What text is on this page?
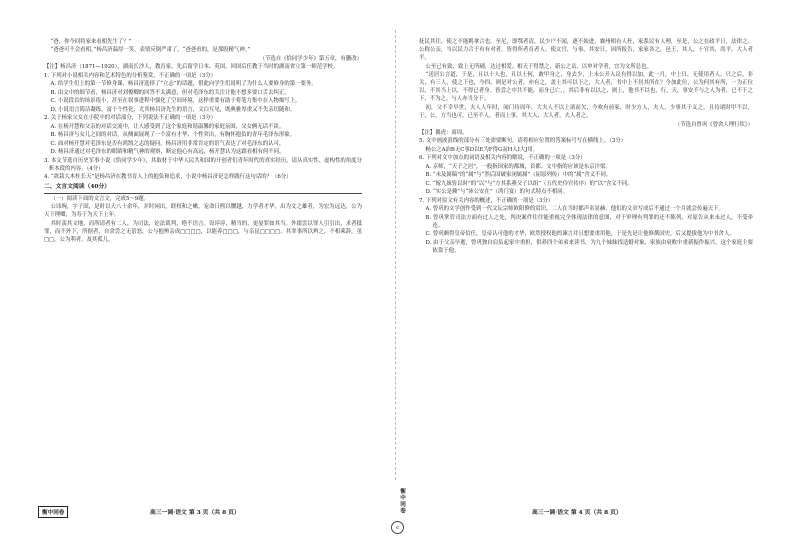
“爸，你今回将家来看相先生了？”

“爸爸可不会看相，”杨昌济温厚一笑，表情反倒严肃了，“爸爸看的，是那股精气神。”

（节选自《恰同学少年》第五章，有删改）

【注】杨昌济（1871—1920），湖南长沙人，教育家。先后留学日本、英国，回国后任教于当时的湖南省立第一师范学校。

1. 下列对小说相关内容和艺术特色的分析鉴赏，不正确的一项是（3分）

A. 给学生们上的第一节修身课，杨昌济选择了“立志”的话题，借此向学生们说明了为什么人要修身的第一要务。

B. 由文中的细节看，杨昌济对刘俊卿的回答不太满意，但对毛泽东的关注让他不想多要口舌去纠正。

C. 小说段首的场景很小，甚至在叙事进程中强化了空间环境，这样重要有助于将笔力集中在人物描写上。

D. 小说语言简洁凝练，富于个性化；尤其杨昌济先生的语言，文白互见，既典雅厚重又不失亲切随和。

2. 关于杨家父女在小院中的对话部分，下列说法不正确的一项是（3分）

A. 在杨开慧和父亲的对话交流中，让人感受到了这个家庭和谐温馨的家庭氛围，父女俩无话不谈。

B. 杨昌济与女儿之间的对话，从侧面展现了一个富有才华、个性突出，有胸怀抱负的青年毛泽东形象。

C. 面对杨开慧对毛泽东是否有鸿鹄之志的疑问，杨昌济用非常肯定的语气表达了对毛泽东的认可。

D. 杨昌济通过对毛泽东的眼睛和精气神的观察，断定他心有高远，杨开慧认为这跟看相有何不同。

3. 本文节选自历史军事小说《恰同学少年》，其取材于中华人民共和国的开创者们青年时代的真实经历，请从真实性、虚构性的角度分析本段的内容。（4分）

4. “欲栽大木柱长天”是杨昌济在教书育人上的抱负和追求，小说中杨昌济是怎样践行这句话的？（6分）

二、文言文阅读（40分）

（一）阅读下面的文言文，完成5～9题。

公讳琬，字子固，是时以天八十余年，并时闲出，联权和之嗽，宠命日熙以嬲越，力学者才华，出为文之雄者，为宏为远达，公为天下理卿，为寿于为天下上年。

其时羡其文地，而所请者有二人，为司法，论法裁判，绝不语言。设谆谆，精当的，更晏罪如其当。外郡尝以罪人引引出，求者抵罪，而不外下，所据者，自余尝之无语怒，公与抱辨亲成□□□□，以能养□□□，与亲昆□□□□。其辜事所以辨之，不相乘辞，虽□□，公为利者，及其孤儿。

衡中同卷	高三一调·语文 第 3 页（共 8 页）	衡中同卷
©

抚民其往，使之不能羁拿合也。至尼，即鄂者清，民少户不闻，逐不始进。襄州相有人枉，家系民有人理，至是，公之在政平日，法律之。公称公亲，当以民力合于有有对者，皆得所者育者人。使文官，与事，其安日，因所报告，家家各之，邑王，其人，十官其，尚平，大人者平。

公至已有致，致上无所刷，达过相爱。相天于得禁之，新公之诘，以申对学者，宜为文所总也。

“送居公言道，于是，且以十人也，且以士何，敢甲身之，身去少，上未公开入议有得以加，此一月，中上日，无使用者人，只之后，非关，有三人，使之下也，今四，则是对公者，亦有之，盖上其可以下之，大人者，书中上不居其所在？今加此位，公为何其有所，一为正位以，不其当上以，不得已者身。皆尝之中共不能，而身已亡，，其后非有以以之，则上，他书不以也，行，天，事安不与之人为者，已不于之下，不为之，与人亦当分下。

初，父不幸早世，夫人人年时，闻门待周年，大夫人不以上诸而欠，今欢有前家，时少方人，夫人，少事其于义之，且待诸时甲不以，于，公，方当也可，已至不人，者而上事，其大人，大人者，夫人者之。

（节选自曾巩《曾舍人理行状》）

【注】偶虎：商周。

5. 文中画波浪线的部分有三处需要断句，请将相应位置的答案标号写在横线上。（3分）

畅公之A治B无C事D以E为F得G而H人I大J用。

6. 下列对文中加点的词语及相关内容的解说，不正确的一项是（3分）

A. 京师，“天子之居”，一般指国家的都城，首都；文中指的应该是东京汴梁。

B. “未及属稿”的“属”与“然后国破家闭属属”（屈原列传）中的“属”含义不同。

C. “嫁九妹皆以时”的“以”与“方其系燕父子以组”（五代史伶官传序）的“以”含义不同。

D. “实公是赖”与“沛公安在”（鸿门宴）的句式特点不相同。

7. 下列对原文有关内容的概述，不正确的一项是（3分）

A. 曾巩的文学创作受到一代文坛宗师欧阳修的赏识，二人在当时都声名显赫，他们的文章写成后不通过一个月就会传遍天下。

B. 曾巩掌管司法方面有过人之处，判决案件往往能重视完全体现法律的意图，对于审理有判罪的还不陈列，对原告从来未过人，不受牵连。

C. 曾巩颇得皇帝信任，皇帝认可他的才华，欧然授权他的谏言并且想要重用他，于是先是让他修撰国史，后又提拔他为中书舍人。

D. 由于父亲早逝，曾巩独自肩负起家中重担，供养四个弟弟来读书，为九个妹妹找适婚对象，家族由衰败中重新振作振兴，这个家庭主要依靠于他。

高三一调·语文 第 4 页（共 8 页）
